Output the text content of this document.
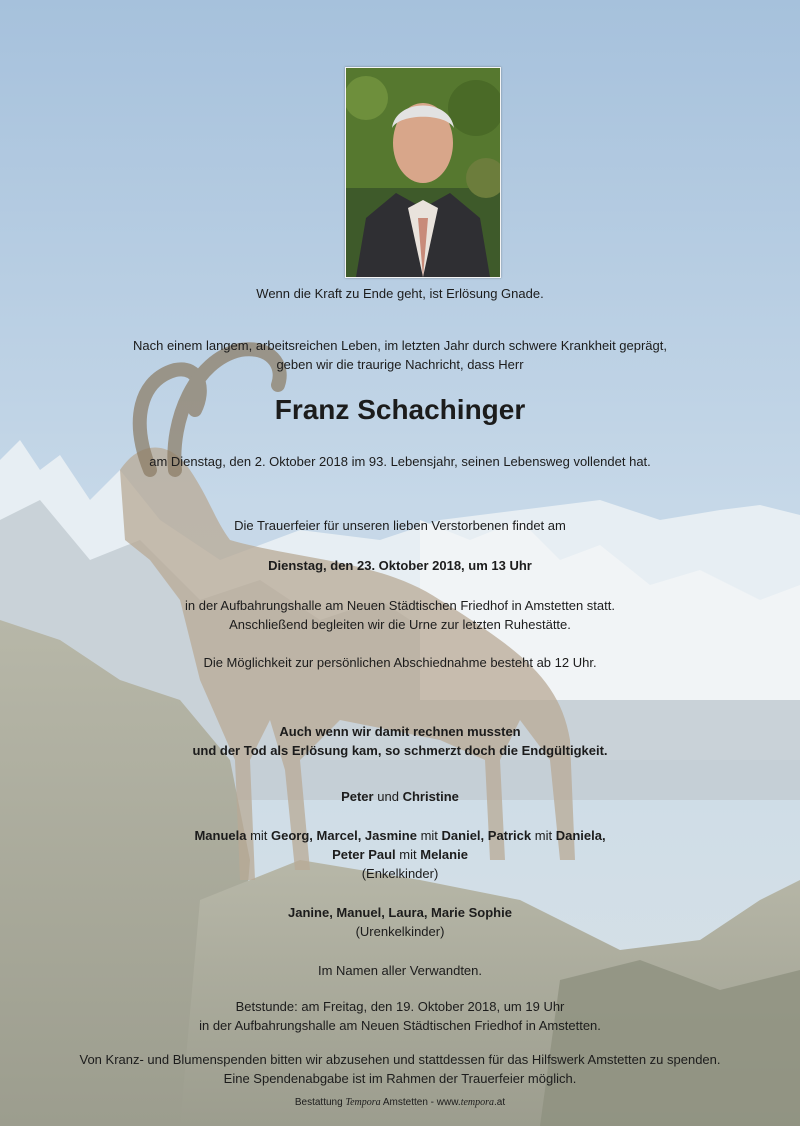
Wenn die Kraft zu Ende geht, ist Erlösung Gnade.
Nach einem langem, arbeitsreichen Leben, im letzten Jahr durch schwere Krankheit geprägt,
geben wir die traurige Nachricht, dass Herr
Franz Schachinger
am Dienstag, den 2. Oktober 2018 im 93. Lebensjahr, seinen Lebensweg vollendet hat.
Die Trauerfeier für unseren lieben Verstorbenen findet am
Dienstag, den 23. Oktober 2018, um 13 Uhr
in der Aufbahrungshalle am Neuen Städtischen Friedhof in Amstetten statt.
Anschließend begleiten wir die Urne zur letzten Ruhestätte.
Die Möglichkeit zur persönlichen Abschiednahme besteht ab 12 Uhr.
Auch wenn wir damit rechnen mussten
und der Tod als Erlösung kam, so schmerzt doch die Endgültigkeit.
Peter und Christine
Manuela mit Georg, Marcel, Jasmine mit Daniel, Patrick mit Daniela,
Peter Paul mit Melanie
(Enkelkinder)
Janine, Manuel, Laura, Marie Sophie
(Urenkelkinder)
Im Namen aller Verwandten.
Betstunde: am Freitag, den 19. Oktober 2018, um 19 Uhr
in der Aufbahrungshalle am Neuen Städtischen Friedhof in Amstetten.
Von Kranz- und Blumenspenden bitten wir abzusehen und stattdessen für das Hilfswerk Amstetten zu spenden.
Eine Spendenabgabe ist im Rahmen der Trauerfeier möglich.
Bestattung Tempora Amstetten - www.tempora.at
